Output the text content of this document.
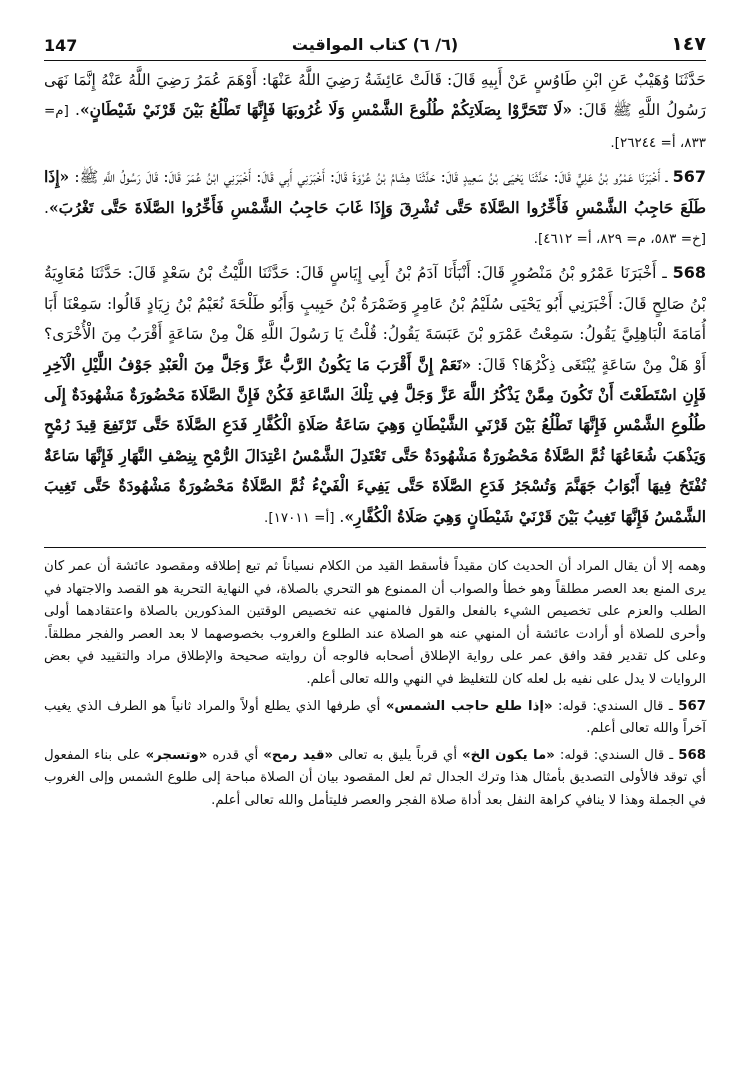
147	(٦/ ٦) كتاب المواقيت	١٤٧

حَدَّثَنَا وُهَيْبٌ عَنِ ابْنِ طَاوُسٍ عَنْ أَبِيهِ قَالَ: قَالَتْ عَائِشَةُ رَضِيَ اللَّهُ عَنْهَا: أَوْهَمَ عُمَرُ رَضِيَ اللَّهُ عَنْهُ إِنَّمَا نَهَى رَسُولُ اللَّهِ ﷺ قَالَ: «لَا تَتَحَرَّوْا بِصَلَاتِكُمْ طُلُوعَ الشَّمْسِ وَلَا غُرُوبَهَا فَإِنَّهَا تَطْلُعُ بَيْنَ قَرْنَيْ شَيْطَانٍ». [م= ٨٣٣، أ= ٢٦٢٤٤].

567 ـ أَخْبَرَنَا عَمْرُو بْنُ عَلِيٍّ قَالَ: حَدَّثَنَا يَحْيَى بْنُ سَعِيدٍ قَالَ: حَدَّثَنَا هِشَامُ بْنُ عُرْوَةَ قَالَ: أَخْبَرَنِي أَبِي قَالَ: أَخْبَرَنِي ابْنُ عُمَرَ قَالَ: قَالَ رَسُولُ اللَّهِ ﷺ: «إِذَا طَلَعَ حَاجِبُ الشَّمْسِ فَأَخِّرُوا الصَّلَاةَ حَتَّى تُشْرِقَ وَإِذَا غَابَ حَاجِبُ الشَّمْسِ فَأَخِّرُوا الصَّلَاةَ حَتَّى تَغْرُبَ». [خ= ٥٨٣، م= ٨٢٩، أ= ٤٦١٢].

568 ـ أَخْبَرَنَا عَمْرُو بْنُ مَنْصُورٍ قَالَ: أَنْبَأَنَا آدَمُ بْنُ أَبِي إِيَاسٍ قَالَ: حَدَّثَنَا اللَّيْثُ بْنُ سَعْدٍ قَالَ: حَدَّثَنَا مُعَاوِيَةُ بْنُ صَالِحٍ قَالَ: أَخْبَرَنِي أَبُو يَحْيَى سُلَيْمُ بْنُ عَامِرٍ وَضَمْرَةُ بْنُ حَبِيبٍ وَأَبُو طَلْحَةَ نُعَيْمُ بْنُ زِيَادٍ قَالُوا: سَمِعْنَا أَبَا أُمَامَةَ الْبَاهِلِيَّ يَقُولُ: سَمِعْتُ عَمْرَو بْنَ عَبَسَةَ يَقُولُ: قُلْتُ يَا رَسُولَ اللَّهِ هَلْ مِنْ سَاعَةٍ أَقْرَبُ مِنَ الْأُخْرَى؟ أَوْ هَلْ مِنْ سَاعَةٍ يُبْتَغَى ذِكْرُهَا؟ قَالَ: «نَعَمْ إِنَّ أَقْرَبَ مَا يَكُونُ الرَّبُّ عَزَّ وَجَلَّ مِنَ الْعَبْدِ جَوْفُ اللَّيْلِ الْآخِرِ فَإِنِ اسْتَطَعْتَ أَنْ تَكُونَ مِمَّنْ يَذْكُرُ اللَّهَ عَزَّ وَجَلَّ فِي تِلْكَ السَّاعَةِ فَكُنْ فَإِنَّ الصَّلَاةَ مَحْضُورَةٌ مَشْهُودَةٌ إِلَى طُلُوعِ الشَّمْسِ فَإِنَّهَا تَطْلُعُ بَيْنَ قَرْنَيِ الشَّيْطَانِ وَهِيَ سَاعَةُ صَلَاةِ الْكُفَّارِ فَدَعِ الصَّلَاةَ حَتَّى تَرْتَفِعَ قِيدَ رُمْحٍ وَيَذْهَبَ شُعَاعُهَا ثُمَّ الصَّلَاةُ مَحْضُورَةٌ مَشْهُودَةٌ حَتَّى تَعْتَدِلَ الشَّمْسُ اعْتِدَالَ الرُّمْحِ بِنِصْفِ النَّهَارِ فَإِنَّهَا سَاعَةٌ تُفْتَحُ فِيهَا أَبْوَابُ جَهَنَّمَ وَتُسْجَرُ فَدَعِ الصَّلَاةَ حَتَّى يَفِيءَ الْفَيْءُ ثُمَّ الصَّلَاةُ مَحْضُورَةٌ مَشْهُودَةٌ حَتَّى تَغِيبَ الشَّمْسُ فَإِنَّهَا تَغِيبُ بَيْنَ قَرْنَيْ شَيْطَانٍ وَهِيَ صَلَاةُ الْكُفَّارِ». [أ= ١٧٠١١].

وهمه إلا أن يقال المراد أن الحديث كان مقيداً فأسقط القيد من الكلام نسياناً ثم تبع إطلاقه ومقصود عائشة أن عمر كان يرى المنع بعد العصر مطلقاً وهو خطأ والصواب أن الممنوع هو التحري بالصلاة، في النهاية التحرية هو القصد والاجتهاد في الطلب والعزم على تخصيص الشيء بالفعل والقول فالمنهي عنه تخصيص الوقتين المذكورين بالصلاة واعتقادهما أولى وأحرى للصلاة أو أرادت عائشة أن المنهي عنه هو الصلاة عند الطلوع والغروب بخصوصهما لا بعد العصر والفجر مطلقاً. وعلى كل تقدير فقد وافق عمر على رواية الإطلاق أصحابه فالوجه أن روايته صحيحة والإطلاق مراد والتقييد في بعض الروايات لا يدل على نفيه بل لعله كان للتغليظ في النهي والله تعالى أعلم.

567 ـ قال السندي: قوله: «إذا طلع حاجب الشمس» أي طرفها الذي يطلع أولاً والمراد ثانياً هو الطرف الذي يغيب آخراً والله تعالى أعلم.

568 ـ قال السندي: قوله: «ما يكون الخ» أي قرباً يليق به تعالى «قيد رمح» أي قدره «وتسجر» على بناء المفعول أي توقد فالأولى التصديق بأمثال هذا وترك الجدال ثم لعل المقصود بيان أن الصلاة مباحة إلى طلوع الشمس وإلى الغروب في الجملة وهذا لا ينافي كراهة النفل بعد أداة صلاة الفجر والعصر فليتأمل والله تعالى أعلم.
